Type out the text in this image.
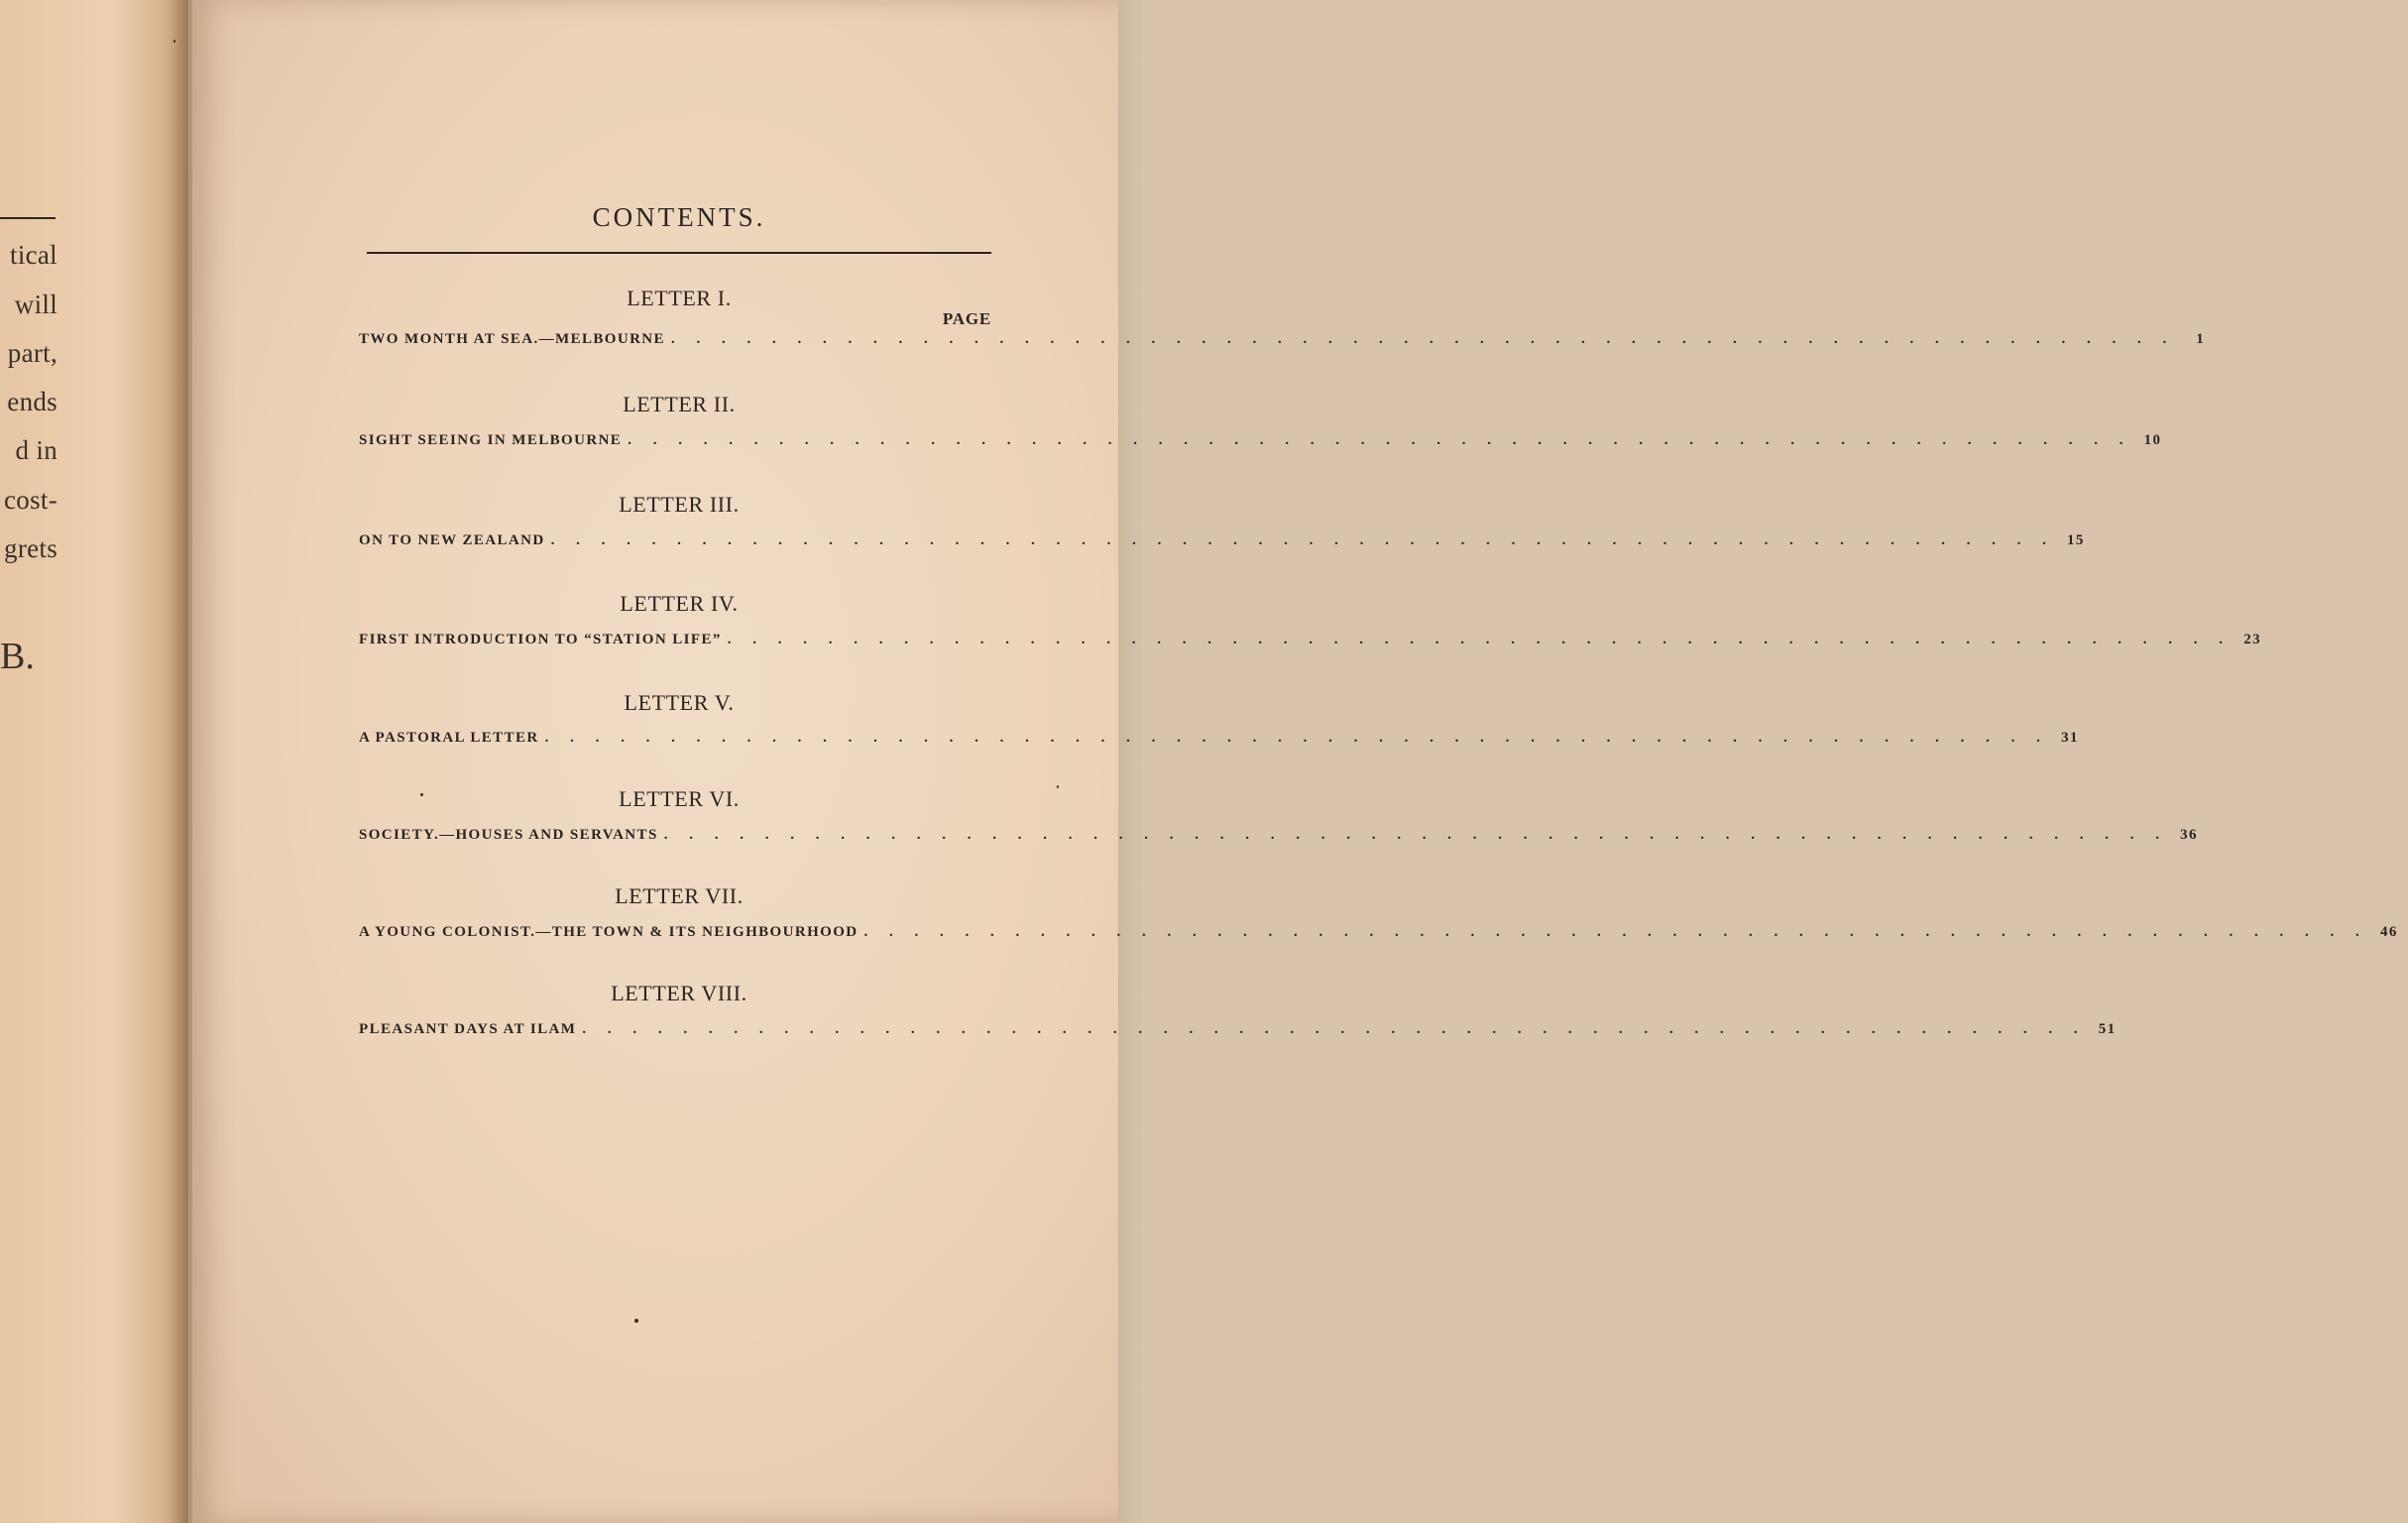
tical
will
part,
ends
d in
cost-
grets
B.
CONTENTS.
PAGE
LETTER I.
TWO MONTH AT SEA.—MELBOURNE . . . . . . . . . . . . . . . . . . . . . . . . . . . . . . . . . . . . . . . . . . . . . . . . . . . . . . . . . . . .	1
LETTER II.
SIGHT SEEING IN MELBOURNE . . . . . . . . . . . . . . . . . . . . . . . . . . . . . . . . . . . . . . . . . . . . . . . . . . . . . . . . . . . . 10
LETTER III.
ON TO NEW ZEALAND . . . . . . . . . . . . . . . . . . . . . . . . . . . . . . . . . . . . . . . . . . . . . . . . . . . . . . . . . . . . 15
LETTER IV.
FIRST INTRODUCTION TO “STATION LIFE” . . . . . . . . . . . . . . . . . . . . . . . . . . . . . . . . . . . . . . . . . . . . . . . . . . . . . . . . . . . . 23
LETTER V.
A PASTORAL LETTER . . . . . . . . . . . . . . . . . . . . . . . . . . . . . . . . . . . . . . . . . . . . . . . . . . . . . . . . . . . . 31
LETTER VI.
SOCIETY.—HOUSES AND SERVANTS . . . . . . . . . . . . . . . . . . . . . . . . . . . . . . . . . . . . . . . . . . . . . . . . . . . . . . . . . . . . 36
LETTER VII.
A YOUNG COLONIST.—THE TOWN & ITS NEIGHBOURHOOD . . . . . . . . . . . . . . . . . . . . . . . . . . . . . . . . . . . . . . . . . . . . . . . . . . . . . . . . . . . . 46
LETTER VIII.
PLEASANT DAYS AT ILAM . . . . . . . . . . . . . . . . . . . . . . . . . . . . . . . . . . . . . . . . . . . . . . . . . . . . . . . . . . . . 51
